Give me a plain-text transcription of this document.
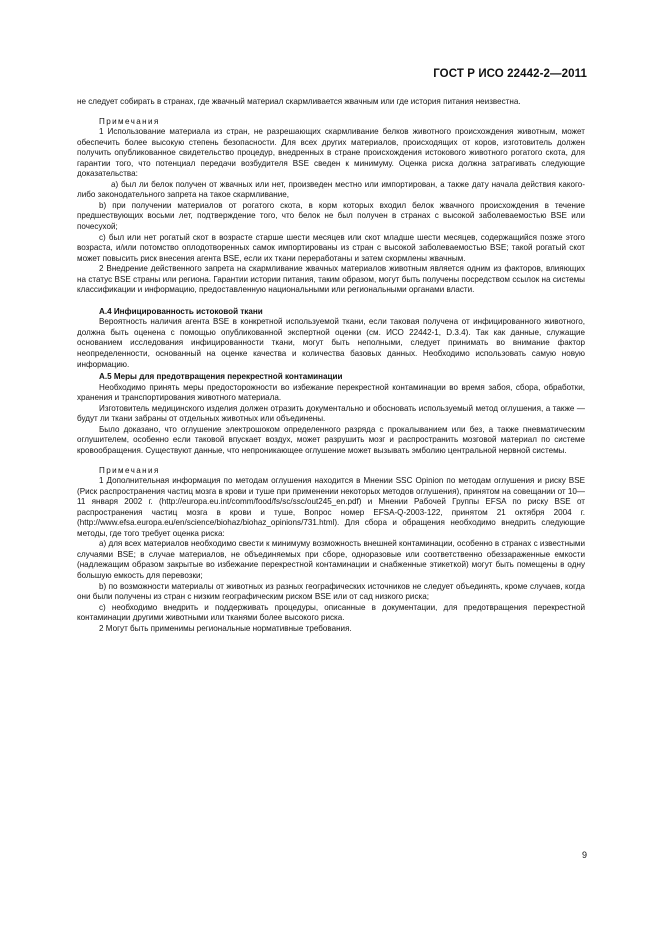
ГОСТ Р ИСО 22442-2—2011

не следует собирать в странах, где жвачный материал скармливается жвачным или где история питания неизвестна.

Примечания

1 Использование материала из стран, не разрешающих скармливание белков животного происхождения животным, может обеспечить более высокую степень безопасности. Для всех других материалов, происходящих от коров, изготовитель должен получить опубликованное свидетельство процедур, внедренных в стране происхождения истокового животного рогатого скота, для гарантии того, что потенциал передачи возбудителя BSE сведен к минимуму. Оценка риска должна затрагивать следующие доказательства:

a) был ли белок получен от жвачных или нет, произведен местно или импортирован, а также дату начала действия какого-либо законодательного запрета на такое скармливание,

b) при получении материалов от рогатого скота, в корм которых входил белок жвачного происхождения в течение предшествующих восьми лет, подтверждение того, что белок не был получен в странах с высокой заболеваемостью BSE или почесухой;

c) был или нет рогатый скот в возрасте старше шести месяцев или скот младше шести месяцев, содержащийся позже этого возраста, и/или потомство оплодотворенных самок импортированы из стран с высокой заболеваемостью BSE; такой рогатый скот может повысить риск внесения агента BSE, если их ткани переработаны и затем скормлены жвачным.

2 Внедрение действенного запрета на скармливание жвачных материалов животным является одним из факторов, влияющих на статус BSE страны или региона. Гарантии истории питания, таким образом, могут быть получены посредством ссылок на системы классификации и информацию, предоставленную национальными или региональными органами власти.

А.4 Инфицированность истоковой ткани

Вероятность наличия агента BSE в конкретной используемой ткани, если таковая получена от инфицированного животного, должна быть оценена с помощью опубликованной экспертной оценки (см. ИСО 22442-1, D.3.4). Так как данные, служащие основанием исследования инфицированности ткани, могут быть неполными, следует принимать во внимание фактор неопределенности, основанный на оценке качества и количества базовых данных. Необходимо использовать самую новую информацию.

А.5 Меры для предотвращения перекрестной контаминации

Необходимо принять меры предосторожности во избежание перекрестной контаминации во время забоя, сбора, обработки, хранения и транспортирования животного материала.

Изготовитель медицинского изделия должен отразить документально и обосновать используемый метод оглушения, а также — будут ли ткани забраны от отдельных животных или объединены.

Было доказано, что оглушение электрошоком определенного разряда с прокалыванием или без, а также пневматическим оглушителем, особенно если таковой впускает воздух, может разрушить мозг и распространить мозговой материал по системе кровообращения. Существуют данные, что непроникающее оглушение может вызывать эмболию центральной нервной системы.

Примечания

1 Дополнительная информация по методам оглушения находится в Мнении SSC Opinion по методам оглушения и риску BSE (Риск распространения частиц мозга в крови и туше при применении некоторых методов оглушения), принятом на совещании от 10—11 января 2002 г. (http://europa.eu.int/comm/food/fs/sc/ssc/out245_en.pdf) и Мнении Рабочей Группы EFSA по риску BSE от распространения частиц мозга в крови и туше, Вопрос номер EFSA-Q-2003-122, принятом 21 октября 2004 г. (http://www.efsa.europa.eu/en/science/biohaz/biohaz_opinions/731.html). Для сбора и обращения необходимо внедрить следующие методы, где того требует оценка риска:

a) для всех материалов необходимо свести к минимуму возможность внешней контаминации, особенно в странах с известными случаями BSE; в случае материалов, не объединяемых при сборе, одноразовые или соответственно обеззараженные емкости (надлежащим образом закрытые во избежание перекрестной контаминации и снабженные этикеткой) могут быть помещены в одну большую емкость для перевозки;

b) по возможности материалы от животных из разных географических источников не следует объединять, кроме случаев, когда они были получены из стран с низким географическим риском BSE или от сад низкого риска;

c) необходимо внедрить и поддерживать процедуры, описанные в документации, для предотвращения перекрестной контаминации другими животными или тканями более высокого риска.

2 Могут быть применимы региональные нормативные требования.

9
